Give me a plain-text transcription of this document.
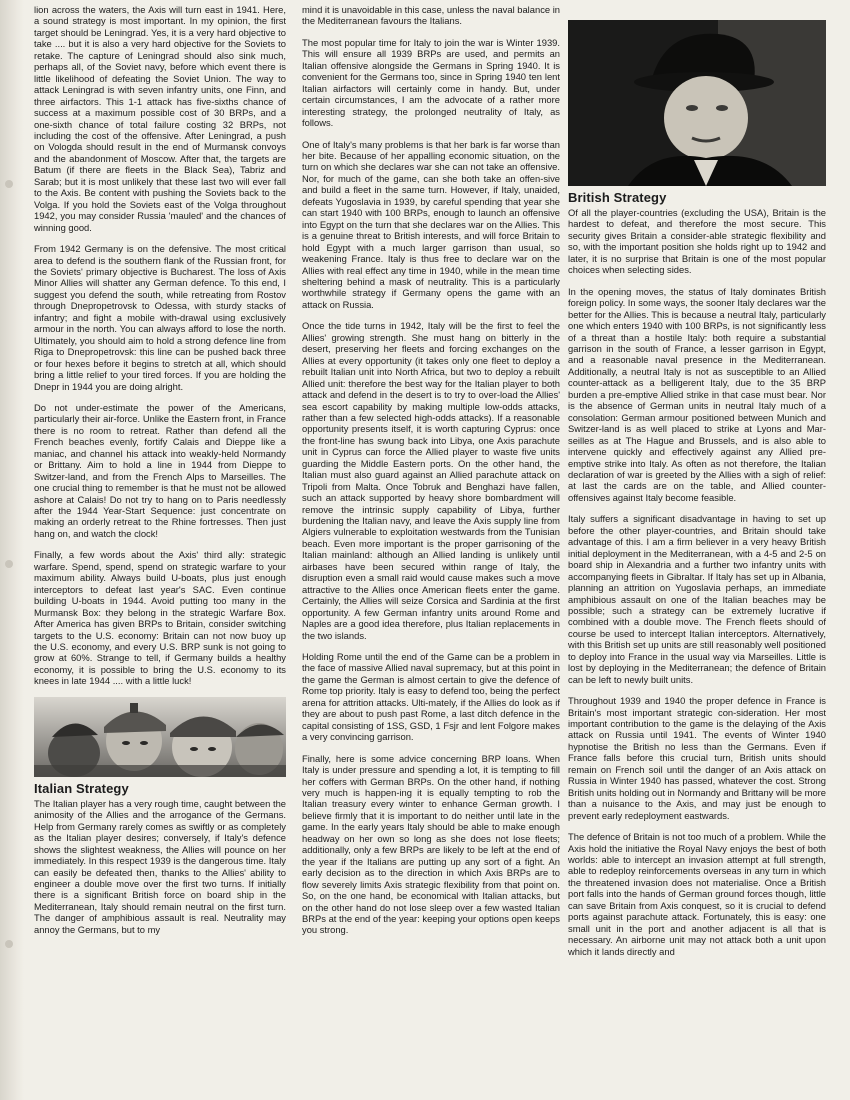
lion across the waters, the Axis will turn east in 1941. Here, a sound strategy is most important. In my opinion, the first target should be Leningrad. Yes, it is a very hard objective to take .... but it is also a very hard objective for the Soviets to retake. The capture of Leningrad should also sink much, perhaps all, of the Soviet navy, before which event there is little likelihood of defeating the Soviet Union. The way to attack Leningrad is with seven infantry units, one Finn, and three airfactors. This 1-1 attack has five-sixths chance of success at a maximum possible cost of 30 BRPs, and a one-sixth chance of total failure costing 32 BRPs, not including the cost of the offensive. After Leningrad, a push on Vologda should result in the end of Murmansk convoys and the abandonment of Moscow. After that, the targets are Batum (if there are fleets in the Black Sea), Tabriz and Sarab; but it is most unlikely that these last two will ever fall to the Axis. Be content with pushing the Soviets back to the Volga. If you hold the Soviets east of the Volga throughout 1942, you may consider Russia 'mauled' and the chances of winning good.

From 1942 Germany is on the defensive. The most critical area to defend is the southern flank of the Russian front, for the Soviets' primary objective is Bucharest. The loss of Axis Minor Allies will shatter any German defence. To this end, I suggest you defend the south, while retreating from Rostov through Dnepropetrovsk to Odessa, with sturdy stacks of infantry; and fight a mobile with-drawal using exclusively armour in the north. You can always afford to lose the north. Ultimately, you should aim to hold a strong defence line from Riga to Dnepropetrovsk: this line can be pushed back three or four hexes before it begins to stretch at all, which should bring a little relief to your tired forces. If you are holding the Dnepr in 1944 you are doing alright.

Do not under-estimate the power of the Americans, particularly their air-force. Unlike the Eastern front, in France there is no room to retreat. Rather than defend all the French beaches evenly, fortify Calais and Dieppe like a maniac, and channel his attack into weakly-held Normandy or Brittany. Aim to hold a line in 1944 from Dieppe to Switzer-land, and from the French Alps to Marseilles. The one crucial thing to remember is that he must not be allowed ashore at Calais! Do not try to hang on to Paris needlessly after the 1944 Year-Start Sequence: just concentrate on making an orderly retreat to the Rhine fortresses. Then just hang on, and watch the clock!

Finally, a few words about the Axis' third ally: strategic warfare. Spend, spend, spend on strategic warfare to your maximum ability. Always build U-boats, plus just enough interceptors to defeat last year's SAC. Even continue building U-boats in 1944. Avoid putting too many in the Murmansk Box: they belong in the strategic Warfare Box. After America has given BRPs to Britain, consider switching targets to the U.S. economy: Britain can not now buoy up the U.S. economy, and every U.S. BRP sunk is not going to grow at 60%. Strange to tell, if Germany builds a healthy economy, it is possible to bring the U.S. economy to its knees in late 1944 .... with a little luck!

Italian Strategy

The Italian player has a very rough time, caught between the animosity of the Allies and the arrogance of the Germans. Help from Germany rarely comes as swiftly or as completely as the Italian player desires; conversely, if Italy's defence shows the slightest weakness, the Allies will pounce on her immediately. In this respect 1939 is the dangerous time. Italy can easily be defeated then, thanks to the Allies' ability to engineer a double move over the first two turns. If initially there is a significant British force on board ship in the Mediterranean, Italy should remain neutral on the first turn. The danger of amphibious assault is real. Neutrality may annoy the Germans, but to my

mind it is unavoidable in this case, unless the naval balance in the Mediterranean favours the Italians.

The most popular time for Italy to join the war is Winter 1939. This will ensure all 1939 BRPs are used, and permits an Italian offensive alongside the Germans in Spring 1940. It is convenient for the Germans too, since in Spring 1940 ten lent Italian airfactors will certainly come in handy. But, under certain circumstances, I am the advocate of a rather more interesting strategy, the prolonged neutrality of Italy, as follows.

One of Italy's many problems is that her bark is far worse than her bite. Because of her appalling economic situation, on the turn on which she declares war she can not take an offensive. Nor, for much of the game, can she both take an offen-sive and build a fleet in the same turn. However, if Italy, unaided, defeats Yugoslavia in 1939, by careful spending that year she can start 1940 with 100 BRPs, enough to launch an offensive into Egypt on the turn that she declares war on the Allies. This is a genuine threat to British interests, and will force Britain to hold Egypt with a much larger garrison than usual, so weakening France. Italy is thus free to declare war on the Allies with real effect any time in 1940, while in the mean time sheltering behind a mask of neutrality. This is a particularly worthwhile strategy if Germany opens the game with an attack on Russia.

Once the tide turns in 1942, Italy will be the first to feel the Allies' growing strength. She must hang on bitterly in the desert, preserving her fleets and forcing exchanges on the Allies at every opportunity (it takes only one fleet to deploy a rebuilt Italian unit into North Africa, but two to deploy a rebuilt Allied unit: therefore the best way for the Italian player to both attack and defend in the desert is to try to over-load the Allies' sea escort capability by making multiple low-odds attacks, rather than a few selected high-odds attacks). If a reasonable opportunity presents itself, it is worth capturing Cyprus: once the front-line has swung back into Libya, one Axis parachute unit in Cyprus can force the Allied player to waste five units guarding the Middle Eastern ports. On the other hand, the Italian must also guard against an Allied parachute attack on Tripoli from Malta. Once Tobruk and Benghazi have fallen, such an attack supported by heavy shore bombardment will remove the intrinsic supply capability of Libya, further burdening the Italian navy, and leave the Axis supply line from Algiers vulnerable to exploitation westwards from the Tunisian beach. Even more important is the proper garrisoning of the Italian mainland: although an Allied landing is unlikely until airbases have been secured within range of Italy, the disruption even a small raid would cause makes such a move attractive to the Allies once American fleets enter the game. Certainly, the Allies will seize Corsica and Sardinia at the first opportunity. A few German infantry units around Rome and Naples are a good idea therefore, plus Italian replacements in the two islands.

Holding Rome until the end of the Game can be a problem in the face of massive Allied naval supremacy, but at this point in the game the German is almost certain to give the defence of Rome top priority. Italy is easy to defend too, being the perfect arena for attrition attacks. Ulti-mately, if the Allies do look as if they are about to push past Rome, a last ditch defence in the capital consisting of 1SS, GSD, 1 Fsjr and lent Folgore makes a very convincing garrison.

Finally, here is some advice concerning BRP loans. When Italy is under pressure and spending a lot, it is tempting to fill her coffers with German BRPs. On the other hand, if nothing very much is happen-ing it is equally tempting to rob the Italian treasury every winter to enhance German growth. I believe firmly that it is important to do neither until late in the game. In the early years Italy should be able to make enough headway on her own so long as she does not lose fleets; additionally, only a few BRPs are likely to be left at the end of the year if the Italians are putting up any sort of a fight. An early decision as to the direction in which Axis BRPs are to flow severely limits Axis strategic flexibility from that point on. So, on the one hand, be economical with Italian attacks, but on the other hand do not lose sleep over a few wasted Italian BRPs at the end of the year: keeping your options open keeps you strong.

British Strategy

Of all the player-countries (excluding the USA), Britain is the hardest to defeat, and therefore the most secure. This security gives Britain a consider-able strategic flexibility and so, with the important position she holds right up to 1942 and later, it is no surprise that Britain is one of the most popular choices when selecting sides.

In the opening moves, the status of Italy dominates British foreign policy. In some ways, the sooner Italy declares war the better for the Allies. This is because a neutral Italy, particularly one which enters 1940 with 100 BRPs, is not significantly less of a threat than a hostile Italy: both require a substantial garrison in the south of France, a lesser garrison in Egypt, and a reasonable naval presence in the Mediterranean. Additionally, a neutral Italy is not as susceptible to an Allied counter-attack as a belligerent Italy, due to the 35 BRP burden a pre-emptive Allied strike in that case must bear. Nor is the absence of German units in neutral Italy much of a consolation: German armour positioned between Munich and Switzer-land is as well placed to strike at Lyons and Mar-seilles as at The Hague and Brussels, and is also able to intervene quickly and effectively against any Allied pre-emptive strike into Italy. As often as not therefore, the Italian declaration of war is greeted by the Allies with a sigh of relief: at last the cards are on the table, and Allied counter-offensives against Italy become feasible.

Italy suffers a significant disadvantage in having to set up before the other player-countries, and Britain should take advantage of this. I am a firm believer in a very heavy British initial deployment in the Mediterranean, with a 4-5 and 2-5 on board ship in Alexandria and a further two infantry units with accompanying fleets in Gibraltar. If Italy has set up in Albania, planning an attrition on Yugoslavia perhaps, an immediate amphibious assault on one of the Italian beaches may be possible; such a strategy can be extremely lucrative if combined with a double move. The French fleets should of course be used to intercept Italian interceptors. Alternatively, with this British set up units are still reasonably well positioned to deploy into France in the usual way via Marseilles. Little is lost by deploying in the Mediterranean; the defence of Britain can be left to newly built units.

Throughout 1939 and 1940 the proper defence in France is Britain's most important strategic con-sideration. Her most important contribution to the game is the delaying of the Axis attack on Russia until 1941. The events of Winter 1940 hypnotise the British no less than the Germans. Even if France falls before this crucial turn, British units should remain on French soil until the danger of an Axis attack on Russia in Winter 1940 has passed, whatever the cost. Strong British units holding out in Normandy and Brittany will be more than a nuisance to the Axis, and may just be enough to prevent early redeployment eastwards.

The defence of Britain is not too much of a problem. While the Axis hold the initiative the Royal Navy enjoys the best of both worlds: able to intercept an invasion attempt at full strength, able to redeploy reinforcements overseas in any turn in which the threatened invasion does not materialise. Once a British port falls into the hands of German ground forces though, little can save Britain from Axis conquest, so it is crucial to defend ports against parachute attack. Fortunately, this is easy: one small unit in the port and another adjacent is all that is necessary. An airborne unit may not attack both a unit upon which it lands directly and
